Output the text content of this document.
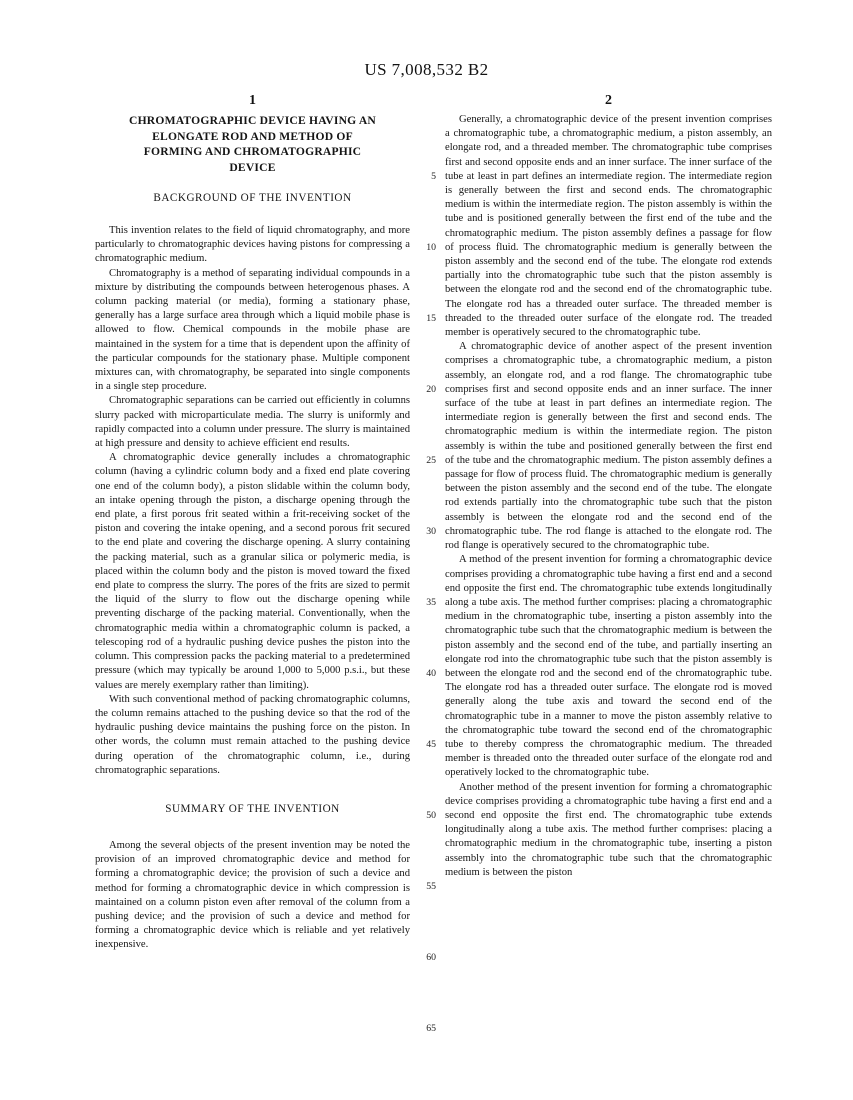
US 7,008,532 B2
1
CHROMATOGRAPHIC DEVICE HAVING AN
ELONGATE ROD AND METHOD OF
FORMING AND CHROMATOGRAPHIC
DEVICE
BACKGROUND OF THE INVENTION

This invention relates to the field of liquid chromatography, and more particularly to chromatographic devices having pistons for compressing a chromatographic medium.

Chromatography is a method of separating individual compounds in a mixture by distributing the compounds between heterogenous phases. A column packing material (or media), forming a stationary phase, generally has a large surface area through which a liquid mobile phase is allowed to flow. Chemical compounds in the mobile phase are maintained in the system for a time that is dependent upon the affinity of the particular compounds for the stationary phase. Multiple component mixtures can, with chromatography, be separated into single components in a single step procedure.

Chromatographic separations can be carried out efficiently in columns slurry packed with microparticulate media. The slurry is uniformly and rapidly compacted into a column under pressure. The slurry is maintained at high pressure and density to achieve efficient end results.

A chromatographic device generally includes a chromatographic column (having a cylindric column body and a fixed end plate covering one end of the column body), a piston slidable within the column body, an intake opening through the piston, a discharge opening through the end plate, a first porous frit seated within a frit-receiving socket of the piston and covering the intake opening, and a second porous frit secured to the end plate and covering the discharge opening. A slurry containing the packing material, such as a granular silica or polymeric media, is placed within the column body and the piston is moved toward the fixed end plate to compress the slurry. The pores of the frits are sized to permit the liquid of the slurry to flow out the discharge opening while preventing discharge of the packing material. Conventionally, when the chromatographic media within a chromatographic column is packed, a telescoping rod of a hydraulic pushing device pushes the piston into the column. This compression packs the packing material to a predetermined pressure (which may typically be around 1,000 to 5,000 p.s.i., but these values are merely exemplary rather than limiting).

With such conventional method of packing chromatographic columns, the column remains attached to the pushing device so that the rod of the hydraulic pushing device maintains the pushing force on the piston. In other words, the column must remain attached to the pushing device during operation of the chromatographic column, i.e., during chromatographic separations.

SUMMARY OF THE INVENTION

Among the several objects of the present invention may be noted the provision of an improved chromatographic device and method for forming a chromatographic device; the provision of such a device and method for forming a chromatographic device in which compression is maintained on a column piston even after removal of the column from a pushing device; and the provision of such a device and method for forming a chromatographic device which is reliable and yet relatively inexpensive.

5
10
15
20
25
30
35
40
45
50
55
60
65
2

Generally, a chromatographic device of the present invention comprises a chromatographic tube, a chromatographic medium, a piston assembly, an elongate rod, and a threaded member. The chromatographic tube comprises first and second opposite ends and an inner surface. The inner surface of the tube at least in part defines an intermediate region. The intermediate region is generally between the first and second ends. The chromatographic medium is within the intermediate region. The piston assembly is within the tube and is positioned generally between the first end of the tube and the chromatographic medium. The piston assembly defines a passage for flow of process fluid. The chromatographic medium is generally between the piston assembly and the second end of the tube. The elongate rod extends partially into the chromatographic tube such that the piston assembly is between the elongate rod and the second end of the chromatographic tube. The elongate rod has a threaded outer surface. The threaded member is threaded to the threaded outer surface of the elongate rod. The treaded member is operatively secured to the chromatographic tube.

A chromatographic device of another aspect of the present invention comprises a chromatographic tube, a chromatographic medium, a piston assembly, an elongate rod, and a rod flange. The chromatographic tube comprises first and second opposite ends and an inner surface. The inner surface of the tube at least in part defines an intermediate region. The intermediate region is generally between the first and second ends. The chromatographic medium is within the intermediate region. The piston assembly is within the tube and positioned generally between the first end of the tube and the chromatographic medium. The piston assembly defines a passage for flow of process fluid. The chromatographic medium is generally between the piston assembly and the second end of the tube. The elongate rod extends partially into the chromatographic tube such that the piston assembly is between the elongate rod and the second end of the chromatographic tube. The rod flange is attached to the elongate rod. The rod flange is operatively secured to the chromatographic tube.

A method of the present invention for forming a chromatographic device comprises providing a chromatographic tube having a first end and a second end opposite the first end. The chromatographic tube extends longitudinally along a tube axis. The method further comprises: placing a chromatographic medium in the chromatographic tube, inserting a piston assembly into the chromatographic tube such that the chromatographic medium is between the piston assembly and the second end of the tube, and partially inserting an elongate rod into the chromatographic tube such that the piston assembly is between the elongate rod and the second end of the chromatographic tube. The elongate rod has a threaded outer surface. The elongate rod is moved generally along the tube axis and toward the second end of the chromatographic tube in a manner to move the piston assembly relative to the chromatographic tube toward the second end of the chromatographic tube to thereby compress the chromatographic medium. The threaded member is threaded onto the threaded outer surface of the elongate rod and operatively locked to the chromatographic tube.

Another method of the present invention for forming a chromatographic device comprises providing a chromatographic tube having a first end and a second end opposite the first end. The chromatographic tube extends longitudinally along a tube axis. The method further comprises: placing a chromatographic medium in the chromatographic tube, inserting a piston assembly into the chromatographic tube such that the chromatographic medium is between the piston
